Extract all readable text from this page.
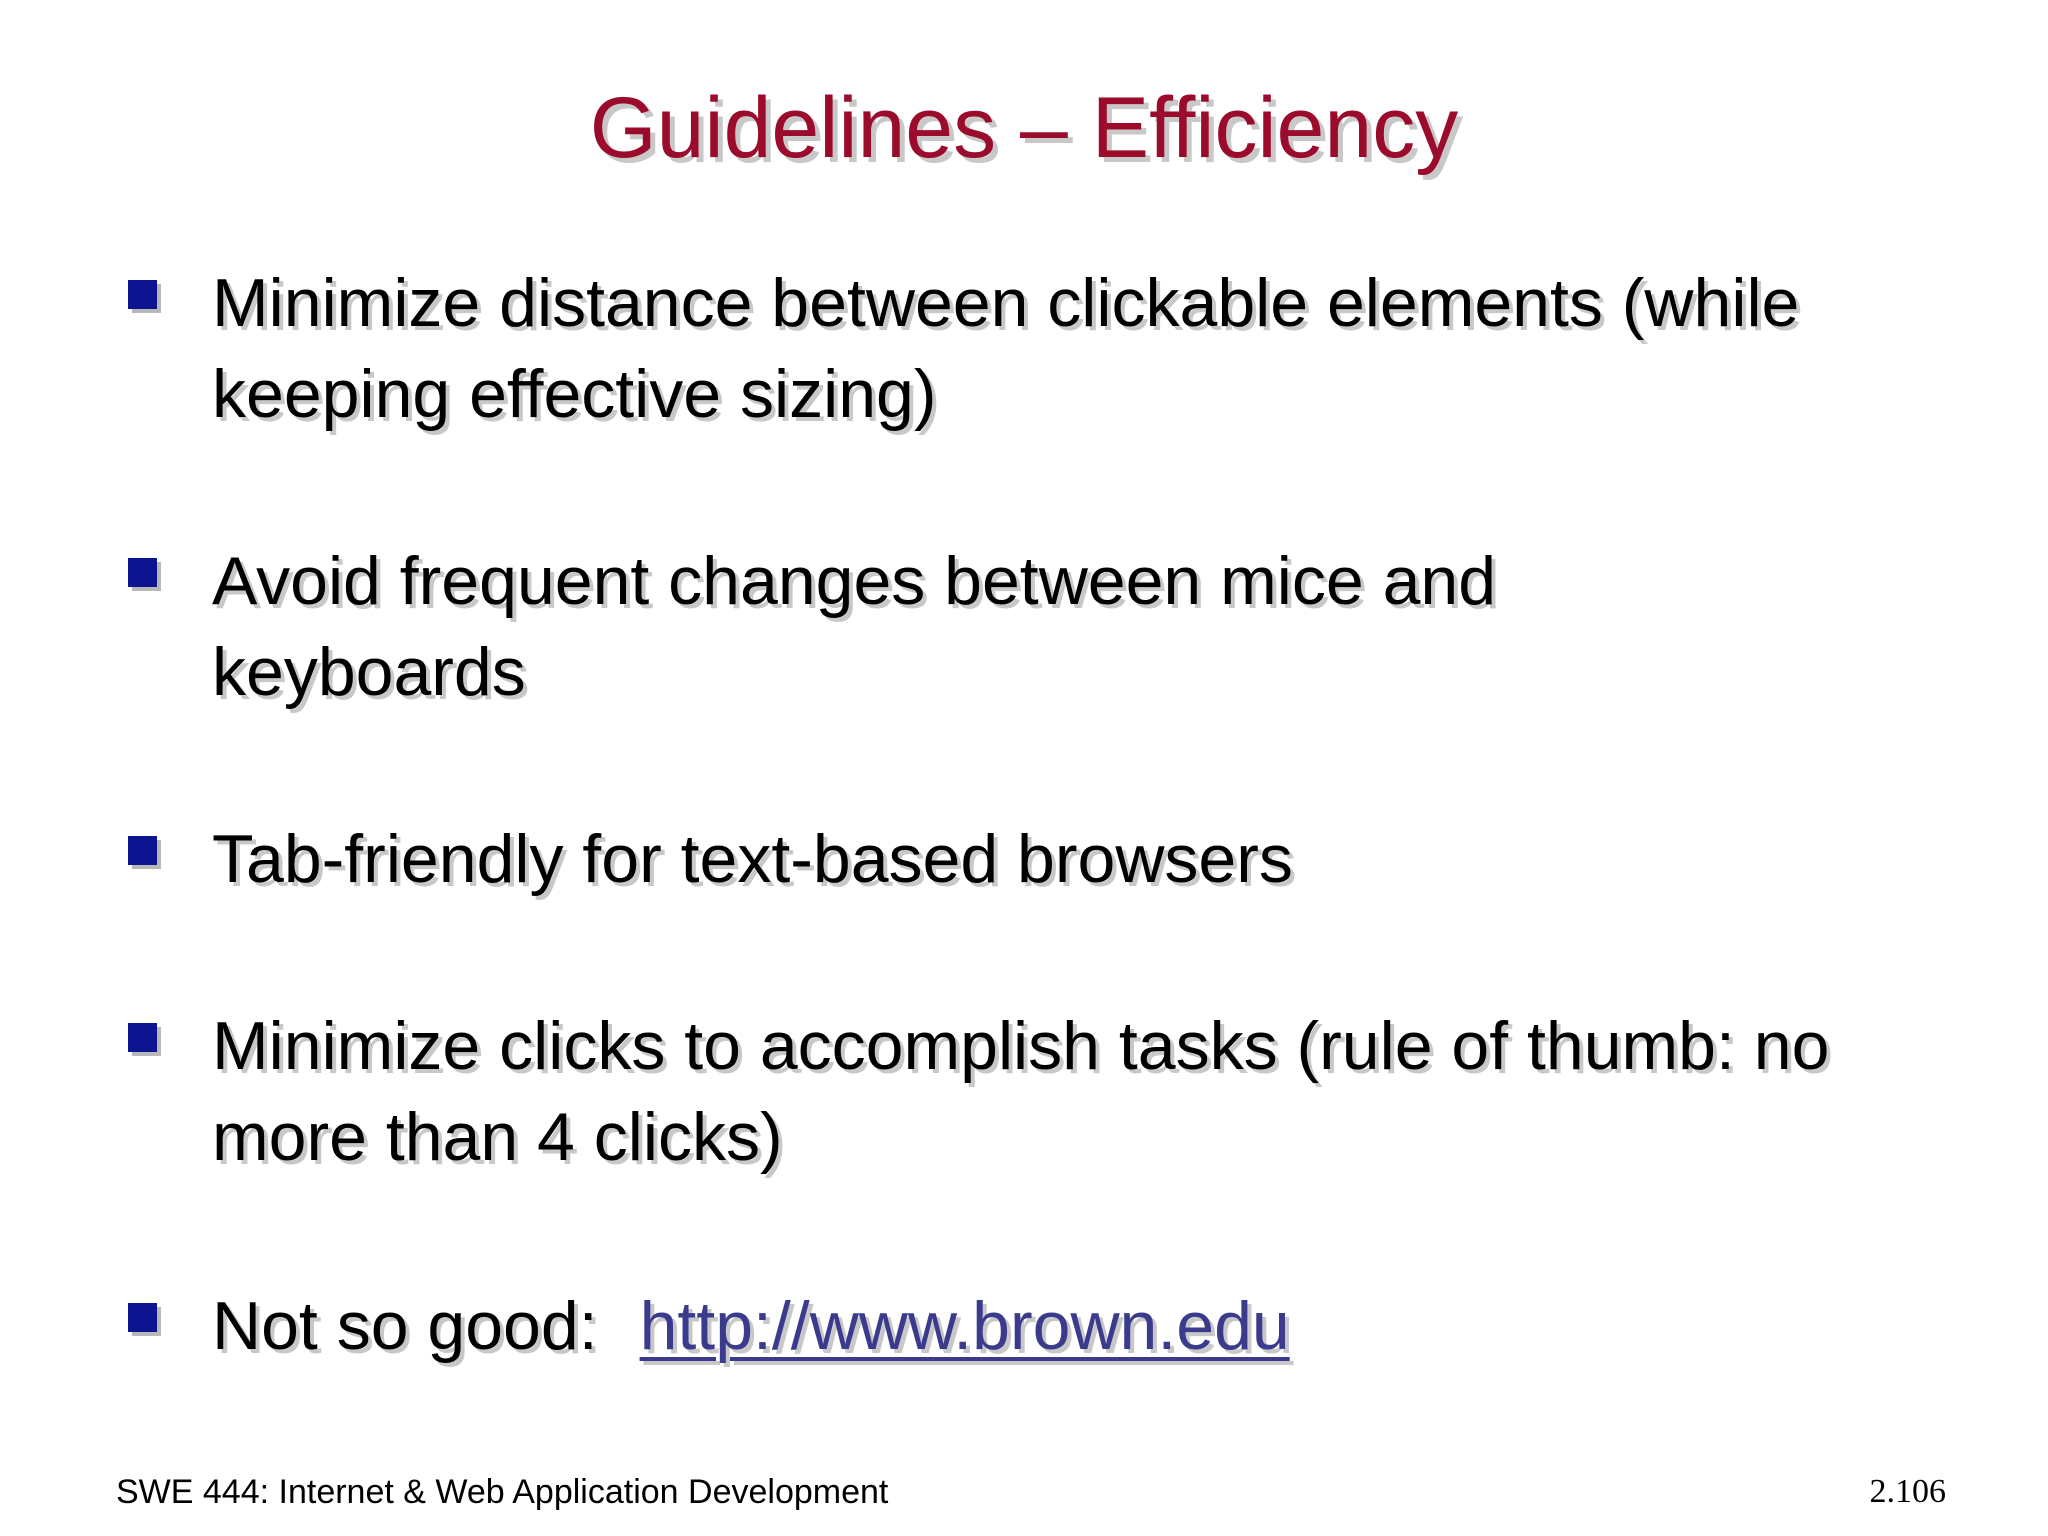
Guidelines – Efficiency
Minimize distance between clickable elements (while keeping effective sizing)
Avoid frequent changes between mice and keyboards
Tab-friendly for text-based browsers
Minimize clicks to accomplish tasks (rule of thumb: no more than 4 clicks)
Not so good: http://www.brown.edu
SWE 444: Internet & Web Application Development	2.106
